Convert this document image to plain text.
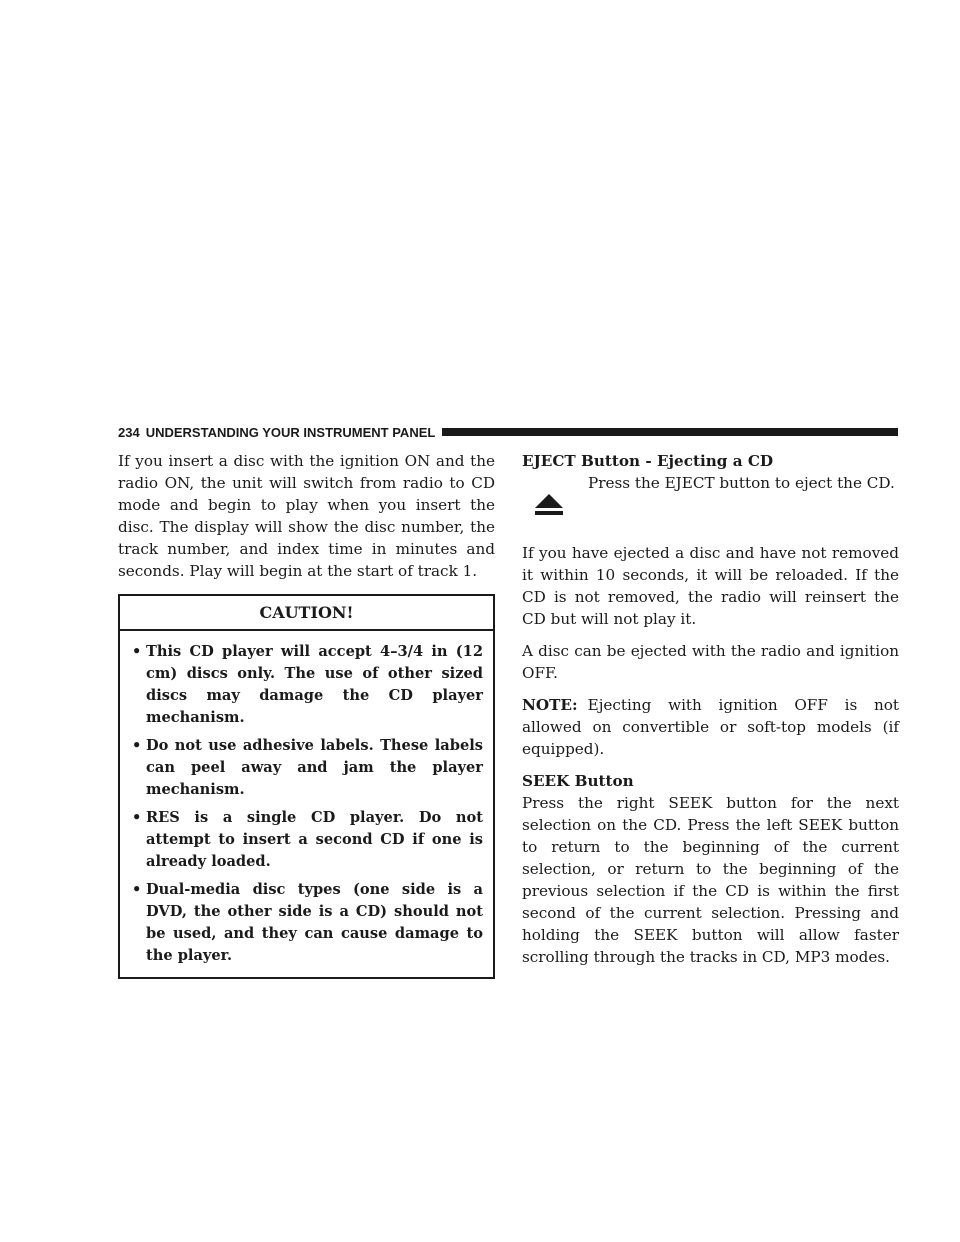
234 UNDERSTANDING YOUR INSTRUMENT PANEL

If you insert a disc with the ignition ON and the radio ON, the unit will switch from radio to CD mode and begin to play when you insert the disc. The display will show the disc number, the track number, and index time in minutes and seconds. Play will begin at the start of track 1.

CAUTION!
• This CD player will accept 4–3/4 in (12 cm) discs only. The use of other sized discs may damage the CD player mechanism.
• Do not use adhesive labels. These labels can peel away and jam the player mechanism.
• RES is a single CD player. Do not attempt to insert a second CD if one is already loaded.
• Dual-media disc types (one side is a DVD, the other side is a CD) should not be used, and they can cause damage to the player.

EJECT Button - Ejecting a CD

Press the EJECT button to eject the CD.

If you have ejected a disc and have not removed it within 10 seconds, it will be reloaded. If the CD is not removed, the radio will reinsert the CD but will not play it.

A disc can be ejected with the radio and ignition OFF.

NOTE: Ejecting with ignition OFF is not allowed on convertible or soft-top models (if equipped).

SEEK Button

Press the right SEEK button for the next selection on the CD. Press the left SEEK button to return to the beginning of the current selection, or return to the beginning of the previous selection if the CD is within the first second of the current selection. Pressing and holding the SEEK button will allow faster scrolling through the tracks in CD, MP3 modes.
